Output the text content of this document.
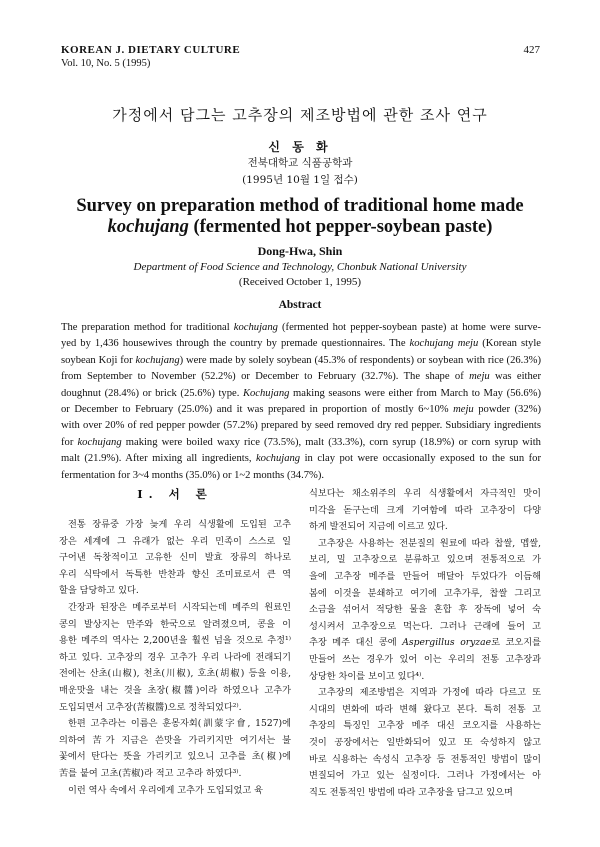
KOREAN J. DIETARY CULTURE
Vol. 10, No. 5 (1995)
427
가정에서 담그는 고추장의 제조방법에 관한 조사 연구
신 동 화
전북대학교 식품공학과
(1995년 10월 1일 접수)
Survey on preparation method of traditional home made
kochujang (fermented hot pepper-soybean paste)
Dong-Hwa, Shin
Department of Food Science and Technology, Chonbuk National University
(Received October 1, 1995)
Abstract
The preparation method for traditional kochujang (fermented hot pepper-soybean paste) at home were surve-
yed by 1,436 housewives through the country by premade questionnaires. The kochujang meju (Korean style
soybean Koji for kochujang) were made by solely soybean (45.3% of respondents) or soybean with rice (26.3%)
from September to November (52.2%) or December to February (32.7%). The shape of meju was either
doughnut (28.4%) or brick (25.6%) type. Kochujang making seasons were either from March to May (56.6%)
or December to February (25.0%) and it was prepared in proportion of mostly 6~10% meju powder (32%)
with over 20% of red pepper powder (57.2%) prepared by seed removed dry red pepper. Subsidiary ingredients
for kochujang making were boiled waxy rice (73.5%), malt (33.3%), corn syrup (18.9%) or corn syrup with
malt (21.9%). After mixing all ingredients, kochujang in clay pot were occasionally exposed to the sun for
fermentation for 3~4 months (35.0%) or 1~2 months (34.7%).
I. 서 론
전통 장류중 가장 늦게 우리 식생활에 도입된 고추
장은 세계에 그 유래가 없는 우리 민족이 스스로 일
구어낸 독창적이고 고유한 신미 발효 장류의 하나로
우리 식탁에서 독특한 반찬과 향신 조미료로서 큰 역
할을 담당하고 있다.
간장과 된장은 메주로부터 시작되는데 메주의 원료인
콩의 발상지는 만주와 한국으로 알려졌으며, 콩을 이
용한 메주의 역사는 2,200년을 훨씬 넘을 것으로 추정¹⁾
하고 있다. 고추장의 경우 고추가 우리 나라에 전래되기
전에는 산초(山椒), 천초(川椒), 호초(胡椒) 등을 이용,
매운맛을 내는 것을 초장(椒醬)이라 하였으나 고추가
도입되면서 고추장(苦椒醬)으로 정착되었다²⁾.
한편 고추라는 이름은 훈몽자회(訓蒙字會, 1527)에
의하여 苦가 지금은 쓴맛을 가리키지만 여기서는 불
꽃에서 탄다는 뜻을 가리키고 있으니 고추를 초(椒)에
苦를 붙여 고초(苦椒)라 적고 고추라 하였다³⁾.
이런 역사 속에서 우리에게 고추가 도입되었고 육
식보다는 채소위주의 우리 식생활에서 자극적인 맛이
미각을 돋구는데 크게 기여함에 따라 고추장이 다양
하게 발전되어 지금에 이르고 있다.
고추장은 사용하는 전분질의 원료에 따라 찹쌀, 멥쌀,
보리, 밀 고추장으로 분류하고 있으며 전통적으로 가
을에 고추장 메주를 만들어 매달아 두었다가 이듬해
봄에 이것을 분쇄하고 여기에 고추가루, 찹쌀 그리고
소금을 섞어서 적당한 물을 혼합 후 장독에 넣어 숙
성시켜서 고추장으로 먹는다. 그러나 근래에 들어 고
추장 메주 대신 콩에 Aspergillus oryzae로 코오지를
만들어 쓰는 경우가 있어 이는 우리의 전통 고추장과
상당한 차이를 보이고 있다⁴⁾.
고추장의 제조방법은 지역과 가정에 따라 다르고 또
시대의 변화에 따라 변해 왔다고 본다. 특히 전통 고
추장의 특징인 고추장 메주 대신 코오지를 사용하는
것이 공장에서는 일반화되어 있고 또 숙성하지 않고
바로 식용하는 속성식 고추장 등 전통적인 방법이 많이
변질되어 가고 있는 실정이다. 그러나 가정에서는 아
직도 전통적인 방법에 따라 고추장을 담그고 있으며
